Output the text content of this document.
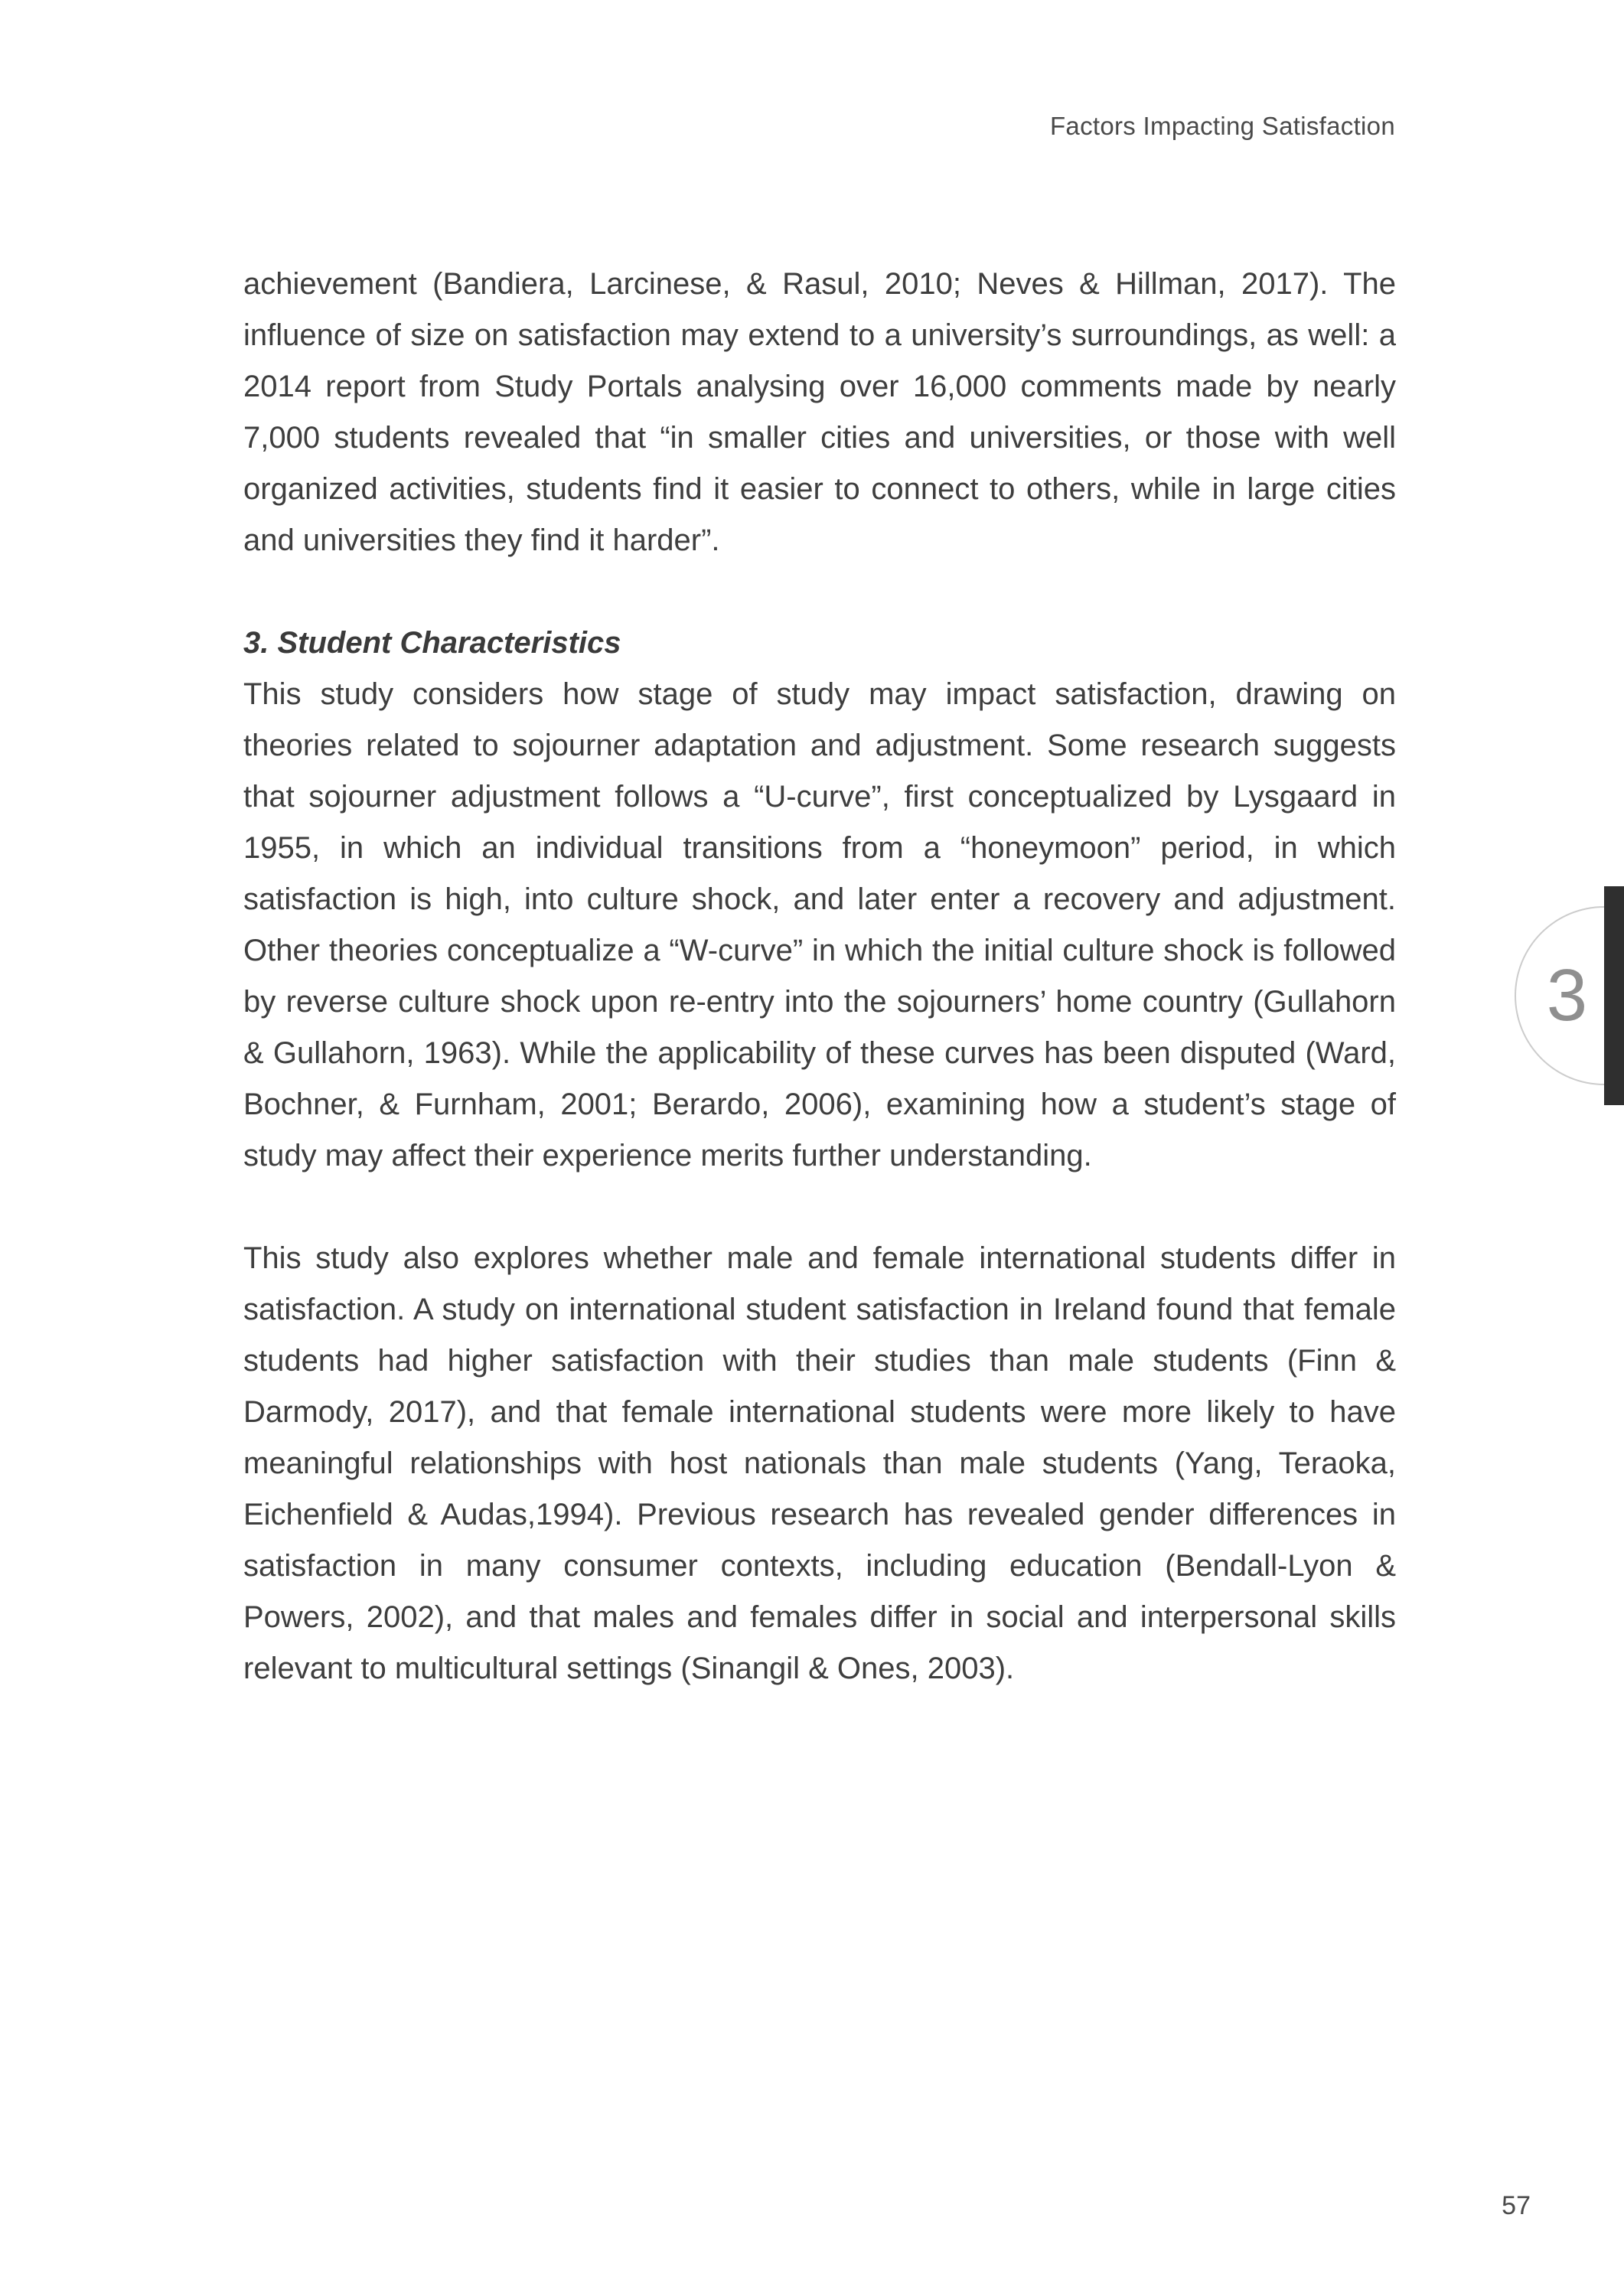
Factors Impacting Satisfaction

achievement (Bandiera, Larcinese, & Rasul, 2010; Neves & Hillman, 2017). The influence of size on satisfaction may extend to a university’s surroundings, as well: a 2014 report from Study Portals analysing over 16,000 comments made by nearly 7,000 students revealed that “in smaller cities and universities, or those with well organized activities, students find it easier to connect to others, while in large cities and universities they find it harder”.

3. Student Characteristics

This study considers how stage of study may impact satisfaction, drawing on theories related to sojourner adaptation and adjustment. Some research suggests that sojourner adjustment follows a “U-curve”, first conceptualized by Lysgaard in 1955, in which an individual transitions from a “honeymoon” period, in which satisfaction is high, into culture shock, and later enter a recovery and adjustment. Other theories conceptualize a “W-curve” in which the initial culture shock is followed by reverse culture shock upon re-entry into the sojourners’ home country (Gullahorn & Gullahorn, 1963). While the applicability of these curves has been disputed (Ward, Bochner, & Furnham, 2001; Berardo, 2006), examining how a student’s stage of study may affect their experience merits further understanding.

This study also explores whether male and female international students differ in satisfaction. A study on international student satisfaction in Ireland found that female students had higher satisfaction with their studies than male students (Finn & Darmody, 2017), and that female international students were more likely to have meaningful relationships with host nationals than male students (Yang, Teraoka, Eichenfield & Audas,1994). Previous research has revealed gender differences in satisfaction in many consumer contexts, including education (Bendall-Lyon & Powers, 2002), and that males and females differ in social and interpersonal skills relevant to multicultural settings (Sinangil & Ones, 2003).

3
57
